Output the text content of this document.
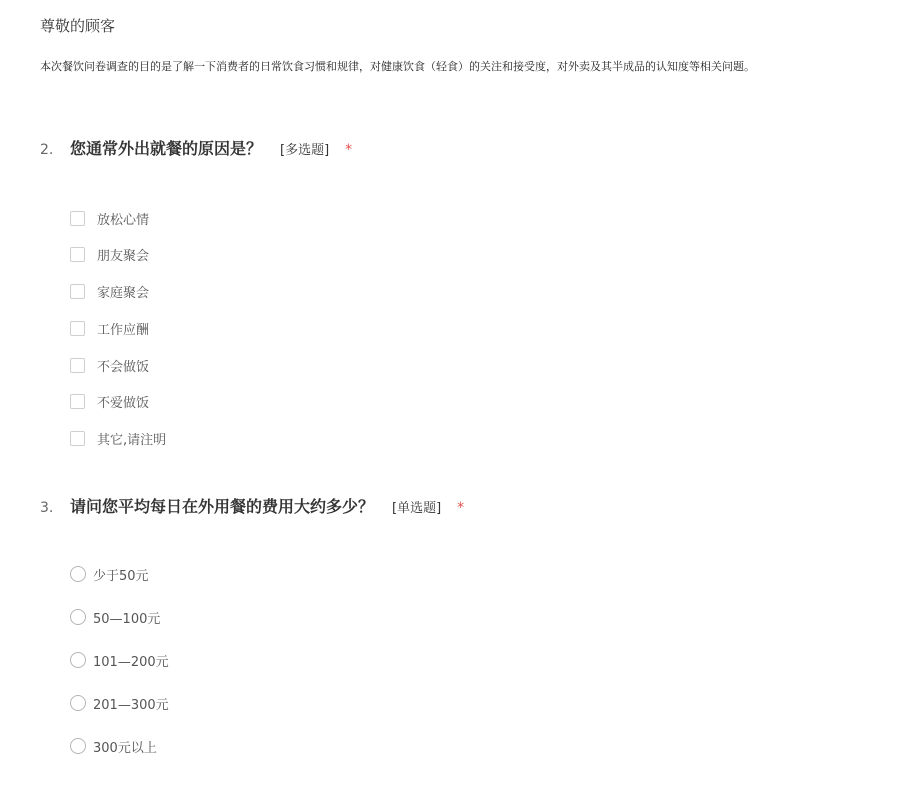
尊敬的顾客
本次餐饮问卷调查的目的是了解一下消费者的日常饮食习惯和规律，对健康饮食（轻食）的关注和接受度，对外卖及其半成品的认知度等相关问题。
2.	您通常外出就餐的原因是？ [多选题] *
放松心情
朋友聚会
家庭聚会
工作应酬
不会做饭
不爱做饭
其它,请注明
3.	请问您平均每日在外用餐的费用大约多少？ [单选题] *
少于50元
50—100元
101—200元
201—300元
300元以上
